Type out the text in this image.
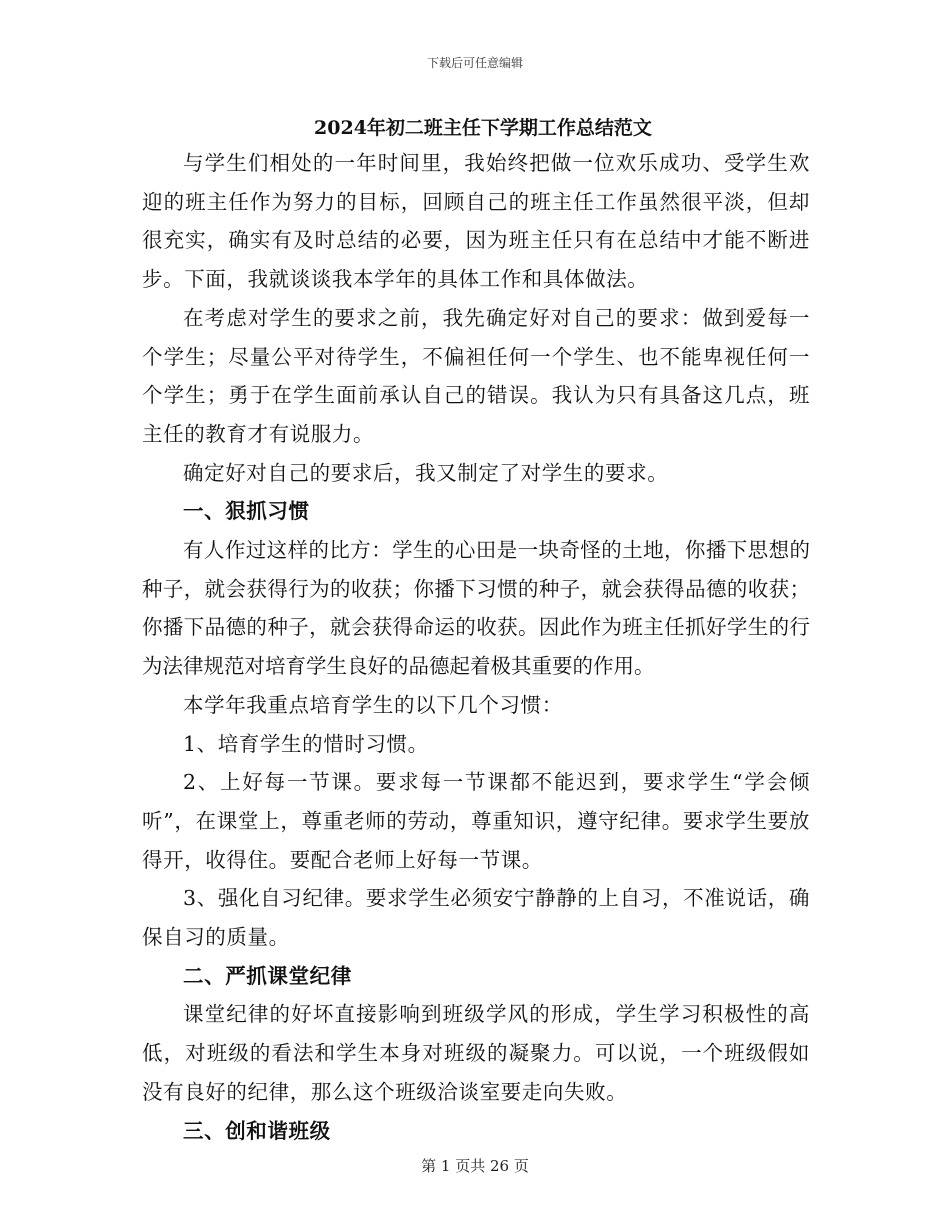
下载后可任意编辑
2024年初二班主任下学期工作总结范文

与学生们相处的一年时间里，我始终把做一位欢乐成功、受学生欢迎的班主任作为努力的目标，回顾自己的班主任工作虽然很平淡，但却很充实，确实有及时总结的必要，因为班主任只有在总结中才能不断进步。下面，我就谈谈我本学年的具体工作和具体做法。

在考虑对学生的要求之前，我先确定好对自己的要求：做到爱每一个学生；尽量公平对待学生，不偏袒任何一个学生、也不能卑视任何一个学生；勇于在学生面前承认自己的错误。我认为只有具备这几点，班主任的教育才有说服力。

确定好对自己的要求后，我又制定了对学生的要求。

一、狠抓习惯

有人作过这样的比方：学生的心田是一块奇怪的土地，你播下思想的种子，就会获得行为的收获；你播下习惯的种子，就会获得品德的收获；你播下品德的种子，就会获得命运的收获。因此作为班主任抓好学生的行为法律规范对培育学生良好的品德起着极其重要的作用。

本学年我重点培育学生的以下几个习惯：

1、培育学生的惜时习惯。

2、上好每一节课。要求每一节课都不能迟到，要求学生“学会倾听”，在课堂上，尊重老师的劳动，尊重知识，遵守纪律。要求学生要放得开，收得住。要配合老师上好每一节课。

3、强化自习纪律。要求学生必须安宁静静的上自习，不准说话，确保自习的质量。

二、严抓课堂纪律

课堂纪律的好坏直接影响到班级学风的形成，学生学习积极性的高低，对班级的看法和学生本身对班级的凝聚力。可以说，一个班级假如没有良好的纪律，那么这个班级洽谈室要走向失败。

三、创和谐班级

第 1 页共 26 页
